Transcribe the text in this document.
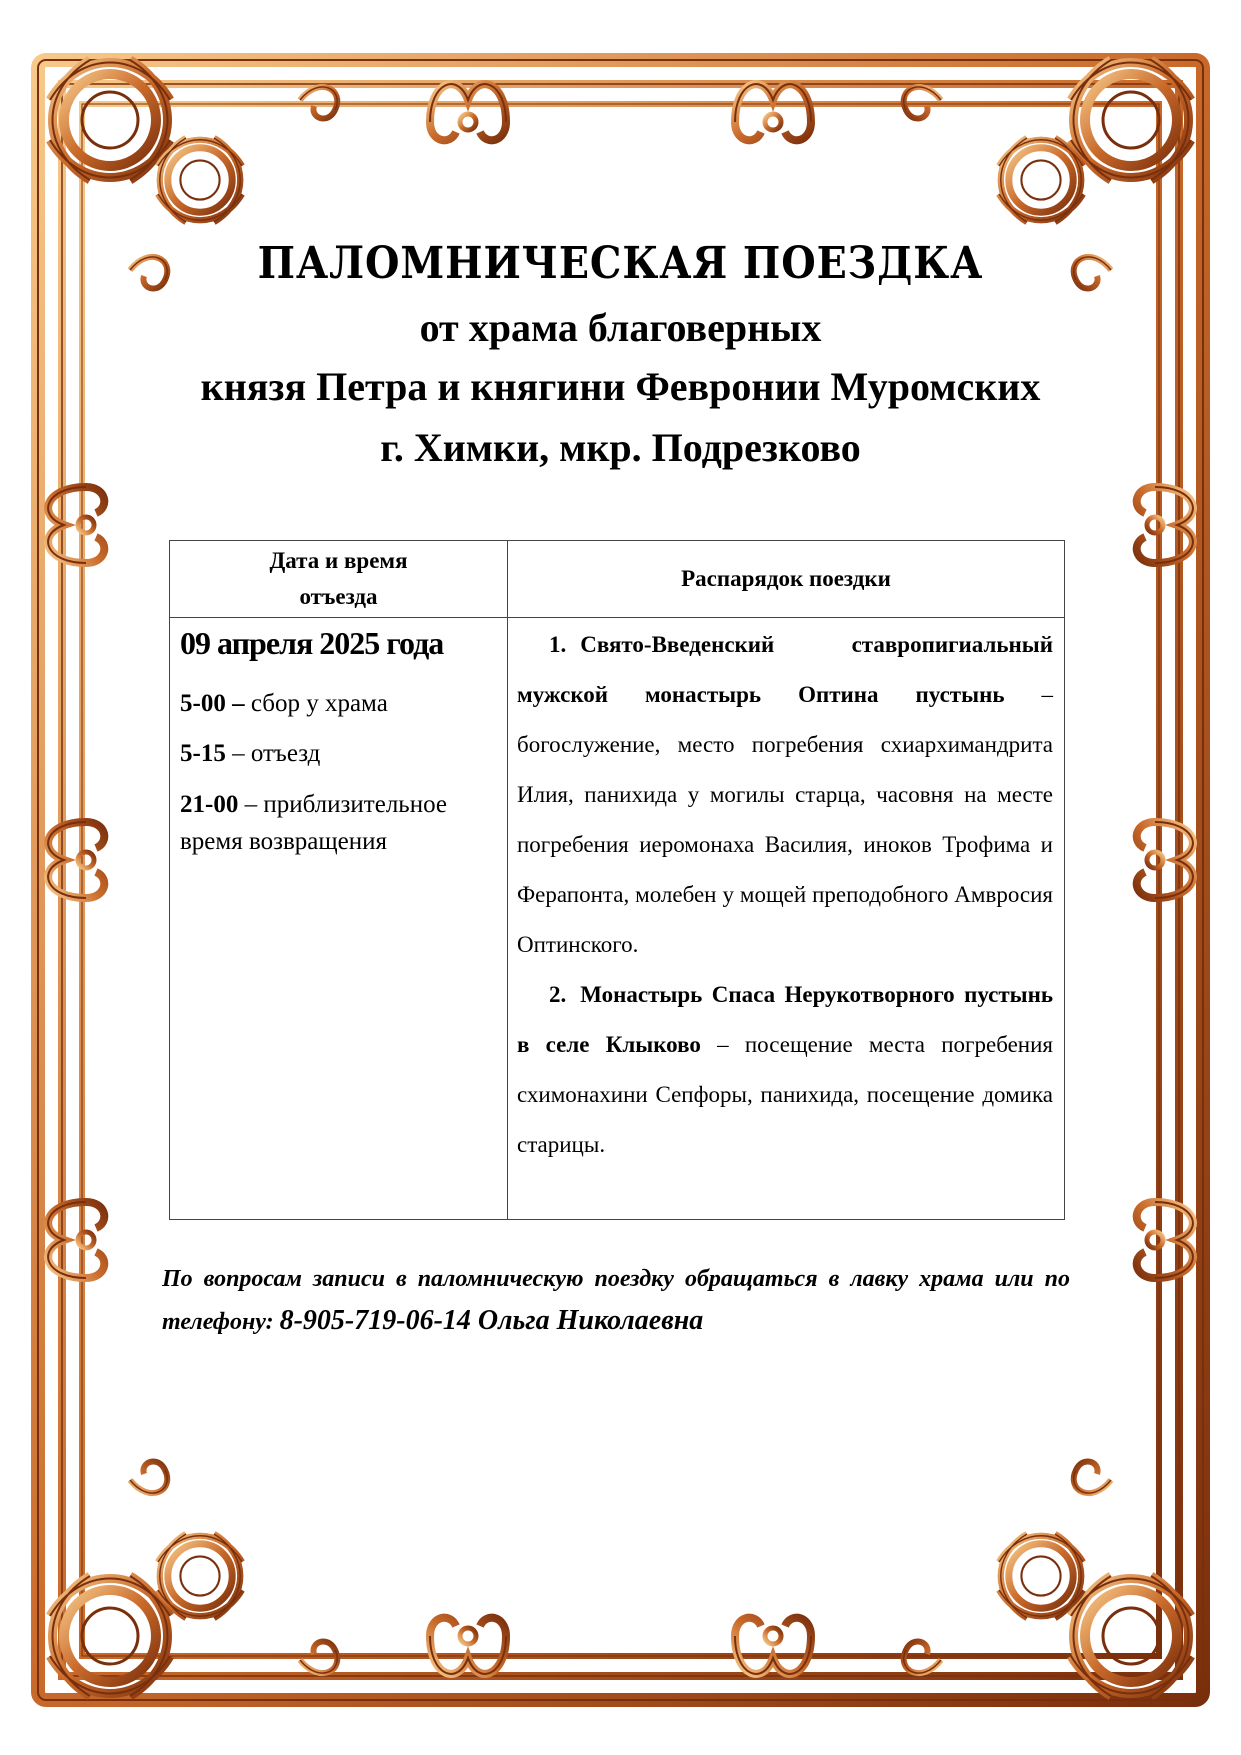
ПАЛОМНИЧЕСКАЯ ПОЕЗДКА
от храма благоверных
князя Петра и княгини Февронии Муромских
г. Химки, мкр. Подрезково
Дата и время
отъезда
Распарядок поездки
09 апреля 2025 года
5-00 – сбор у храма
5-15 – отъезд
21-00 – приблизительное время возвращения

1. Свято-Введенский ставропигиальный мужской монастырь Оптина пустынь – богослужение, место погребения схиархимандрита Илия, панихида у могилы старца, часовня на месте погребения иеромонаха Василия, иноков Трофима и Ферапонта, молебен у мощей преподобного Амвросия Оптинского.

2. Монастырь Спаса Нерукотворного пустынь в селе Клыково – посещение места погребения схимонахини Сепфоры, панихида, посещение домика старицы.

По вопросам записи в паломническую поездку обращаться в лавку храма или по телефону: 8-905-719-06-14 Ольга Николаевна
